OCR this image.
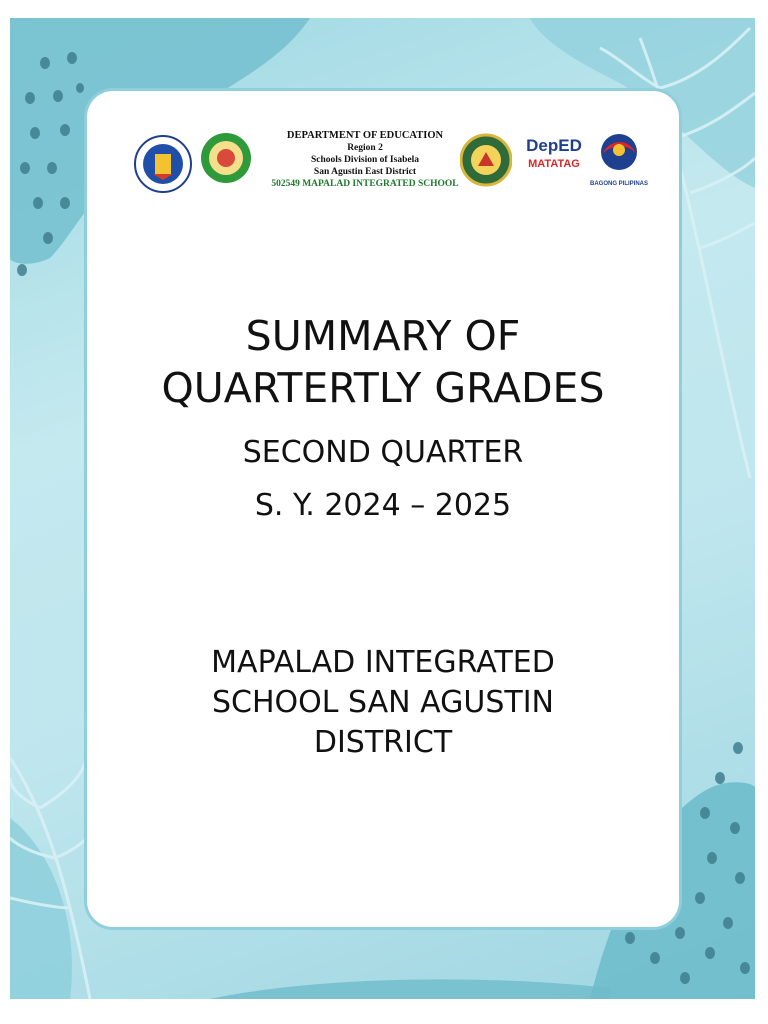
DEPARTMENT OF EDUCATION
Region 2
Schools Division of Isabela
San Agustin East District
502549 MAPALAD INTEGRATED SCHOOL
DepED
MATATAG
BAGONG PILIPINAS
SUMMARY OF
QUARTERTLY GRADES
SECOND QUARTER
S. Y. 2024 – 2025
MAPALAD INTEGRATED
SCHOOL SAN AGUSTIN
DISTRICT
